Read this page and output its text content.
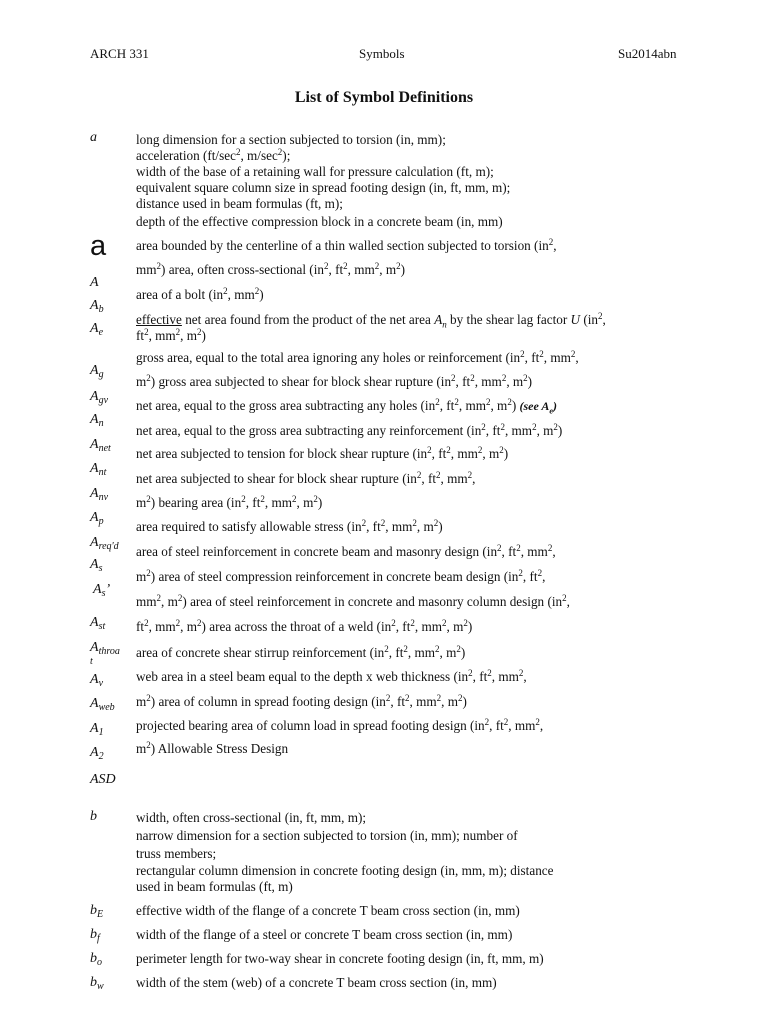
ARCH 331	Symbols	Su2014abn
List of Symbol Definitions
a
a
A
$A_b$
$A_e$
$A_g$
$A_{gv}$
$A_n$
$A_{net}$
$A_{nt}$
$A_{nv}$
$A_p$
$A_{req'd}$
$A_s$
$A_s$’
$A_{st}$
$A_{throa}$
t
$A_v$
$A_{web}$
$A_1$
$A_2$
ASD
b
$b_E$
$b_f$
$b_o$
$b_w$
long dimension for a section subjected to torsion (in, mm);
acceleration ($ft/\sec^2$, $m/\sec^2$);
width of the base of a retaining wall for pressure calculation (ft, m);
equivalent square column size in spread footing design (in, ft, mm, m);
distance used in beam formulas (ft, m);
depth of the effective compression block in a concrete beam (in, mm)
area bounded by the centerline of a thin walled section subjected to torsion ($in^2$,
$mm^2$) area, often cross-sectional ($in^2$, $ft^2$, $mm^2$, $m^2$)
area of a bolt ($in^2$, $mm^2$)
effective net area found from the product of the net area $A_n$ by the shear lag factor U ($in^2$,
$ft^2$, $mm^2$, $m^2$)
gross area, equal to the total area ignoring any holes or reinforcement ($in^2$, $ft^2$, $mm^2$,
$m^2$) gross area subjected to shear for block shear rupture ($in^2$, $ft^2$, $mm^2$, $m^2$)
net area, equal to the gross area subtracting any holes ($in^2$, $ft^2$, $mm^2$, $m^2$) (see $A_e$)
net area, equal to the gross area subtracting any reinforcement ($in^2$, $ft^2$, $mm^2$, $m^2$)
net area subjected to tension for block shear rupture ($in^2$, $ft^2$, $mm^2$, $m^2$)
net area subjected to shear for block shear rupture ($in^2$, $ft^2$, $mm^2$,
$m^2$) bearing area ($in^2$, $ft^2$, $mm^2$, $m^2$)
area required to satisfy allowable stress ($in^2$, $ft^2$, $mm^2$, $m^2$)
area of steel reinforcement in concrete beam and masonry design ($in^2$, $ft^2$, $mm^2$,
$m^2$) area of steel compression reinforcement in concrete beam design ($in^2$, $ft^2$,
$mm^2$, $m^2$) area of steel reinforcement in concrete and masonry column design ($in^2$,
$ft^2$, $mm^2$, $m^2$) area across the throat of a weld ($in^2$, $ft^2$, $mm^2$, $m^2$)
area of concrete shear stirrup reinforcement ($in^2$, $ft^2$, $mm^2$, $m^2$)
web area in a steel beam equal to the depth x web thickness ($in^2$, $ft^2$, $mm^2$,
$m^2$) area of column in spread footing design ($in^2$, $ft^2$, $mm^2$, $m^2$)
projected bearing area of column load in spread footing design ($in^2$, $ft^2$, $mm^2$,
$m^2$) Allowable Stress Design
width, often cross-sectional (in, ft, mm, m);
narrow dimension for a section subjected to torsion (in, mm); number of
truss members;
rectangular column dimension in concrete footing design (in, mm, m); distance
used in beam formulas (ft, m)
effective width of the flange of a concrete T beam cross section (in, mm)
width of the flange of a steel or concrete T beam cross section (in, mm)
perimeter length for two-way shear in concrete footing design (in, ft, mm, m)
width of the stem (web) of a concrete T beam cross section (in, mm)
